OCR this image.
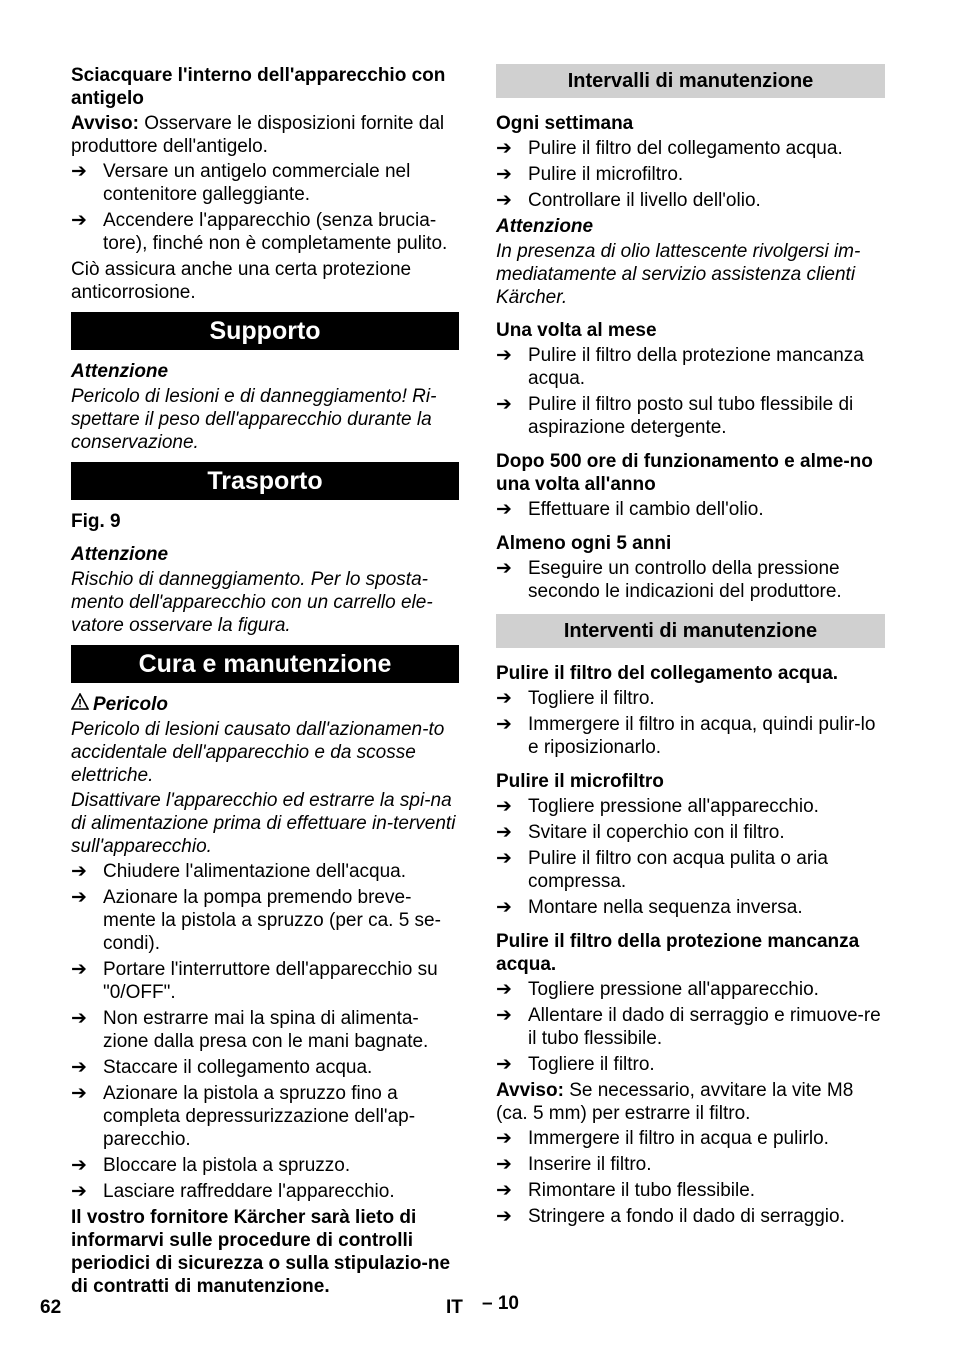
Sciacquare l'interno dell'apparecchio con antigelo
Avviso: Osservare le disposizioni fornite dal produttore dell'antigelo.
➔ Versare un antigelo commerciale nel contenitore galleggiante.
➔ Accendere l'apparecchio (senza brucia-tore), finché non è completamente pulito.
Ciò assicura anche una certa protezione anticorrosione.
Supporto
Attenzione
Pericolo di lesioni e di danneggiamento! Ri-spettare il peso dell'apparecchio durante la conservazione.
Trasporto
Fig. 9
Attenzione
Rischio di danneggiamento. Per lo sposta-mento dell'apparecchio con un carrello ele-vatore osservare la figura.
Cura e manutenzione
Pericolo
Pericolo di lesioni causato dall'azionamen-to accidentale dell'apparecchio e da scosse elettriche.
Disattivare l'apparecchio ed estrarre la spi-na di alimentazione prima di effettuare in-terventi sull'apparecchio.
➔ Chiudere l'alimentazione dell'acqua.
➔ Azionare la pompa premendo breve-mente la pistola a spruzzo (per ca. 5 se-condi).
➔ Portare l'interruttore dell'apparecchio su "0/OFF".
➔ Non estrarre mai la spina di alimenta-zione dalla presa con le mani bagnate.
➔ Staccare il collegamento acqua.
➔ Azionare la pistola a spruzzo fino a completa depressurizzazione dell'ap-parecchio.
➔ Bloccare la pistola a spruzzo.
➔ Lasciare raffreddare l'apparecchio.
Il vostro fornitore Kärcher sarà lieto di informarvi sulle procedure di controlli periodici di sicurezza o sulla stipulazio-ne di contratti di manutenzione.
Intervalli di manutenzione
Ogni settimana
➔ Pulire il filtro del collegamento acqua.
➔ Pulire il microfiltro.
➔ Controllare il livello dell'olio.
Attenzione
In presenza di olio lattescente rivolgersi im-mediatamente al servizio assistenza clienti Kärcher.
Una volta al mese
➔ Pulire il filtro della protezione mancanza acqua.
➔ Pulire il filtro posto sul tubo flessibile di aspirazione detergente.
Dopo 500 ore di funzionamento e alme-no una volta all'anno
➔ Effettuare il cambio dell'olio.
Almeno ogni 5 anni
➔ Eseguire un controllo della pressione secondo le indicazioni del produttore.
Interventi di manutenzione
Pulire il filtro del collegamento acqua.
➔ Togliere il filtro.
➔ Immergere il filtro in acqua, quindi pulir-lo e riposizionarlo.
Pulire il microfiltro
➔ Togliere pressione all'apparecchio.
➔ Svitare il coperchio con il filtro.
➔ Pulire il filtro con acqua pulita o aria compressa.
➔ Montare nella sequenza inversa.
Pulire il filtro della protezione mancanza acqua.
➔ Togliere pressione all'apparecchio.
➔ Allentare il dado di serraggio e rimuove-re il tubo flessibile.
➔ Togliere il filtro.
Avviso: Se necessario, avvitare la vite M8 (ca. 5 mm) per estrarre il filtro.
➔ Immergere il filtro in acqua e pulirlo.
➔ Inserire il filtro.
➔ Rimontare il tubo flessibile.
➔ Stringere a fondo il dado di serraggio.
62	IT – 10
